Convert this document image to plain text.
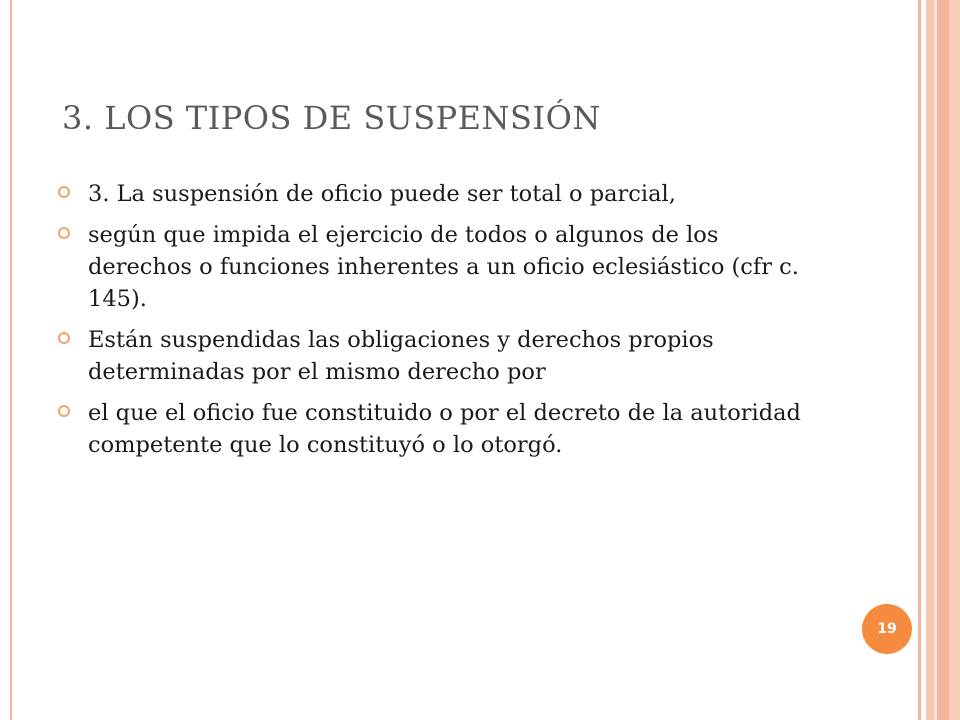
3. LOS TIPOS DE SUSPENSIÓN
3. La suspensión de oficio puede ser total o parcial,
según que impida el ejercicio de todos o algunos de los derechos o funciones inherentes a un oficio eclesiástico (cfr c. 145).
Están suspendidas las obligaciones y derechos propios determinadas por el mismo derecho por
el que el oficio fue constituido o por el decreto de la autoridad competente que lo constituyó o lo otorgó.
19
